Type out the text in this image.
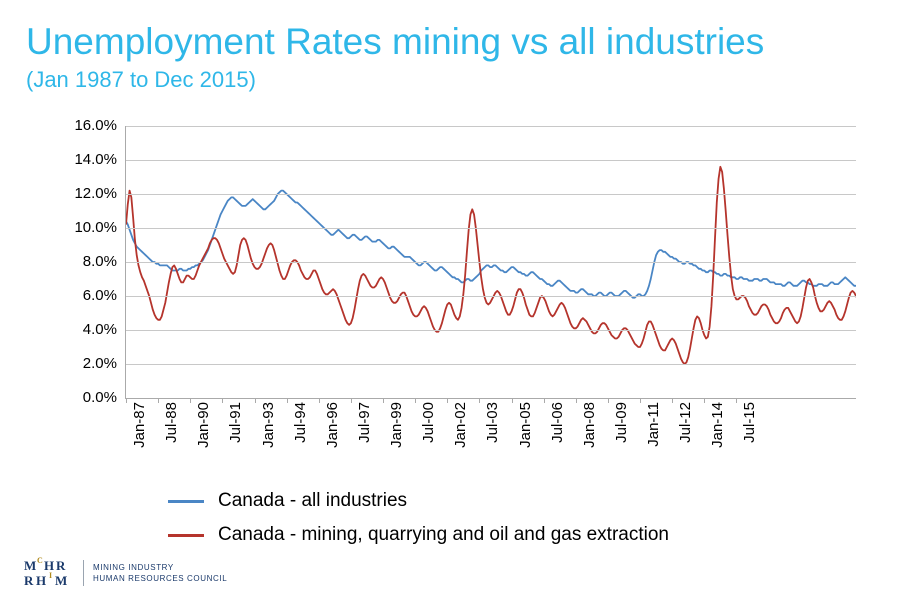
Unemployment Rates mining vs all industries
(Jan 1987 to Dec 2015)
0.0%
2.0%
4.0%
6.0%
8.0%
10.0%
12.0%
14.0%
16.0%
Jan-87 Jul-88 Jan-90 Jul-91 Jan-93 Jul-94 Jan-96 Jul-97 Jan-99 Jul-00 Jan-02 Jul-03 Jan-05 Jul-06 Jan-08 Jul-09 Jan-11 Jul-12 Jan-14 Jul-15
Canada - all industries
Canada - mining, quarrying and oil and gas extraction
M C H R
R H I M
MINING INDUSTRY
HUMAN RESOURCES COUNCIL
